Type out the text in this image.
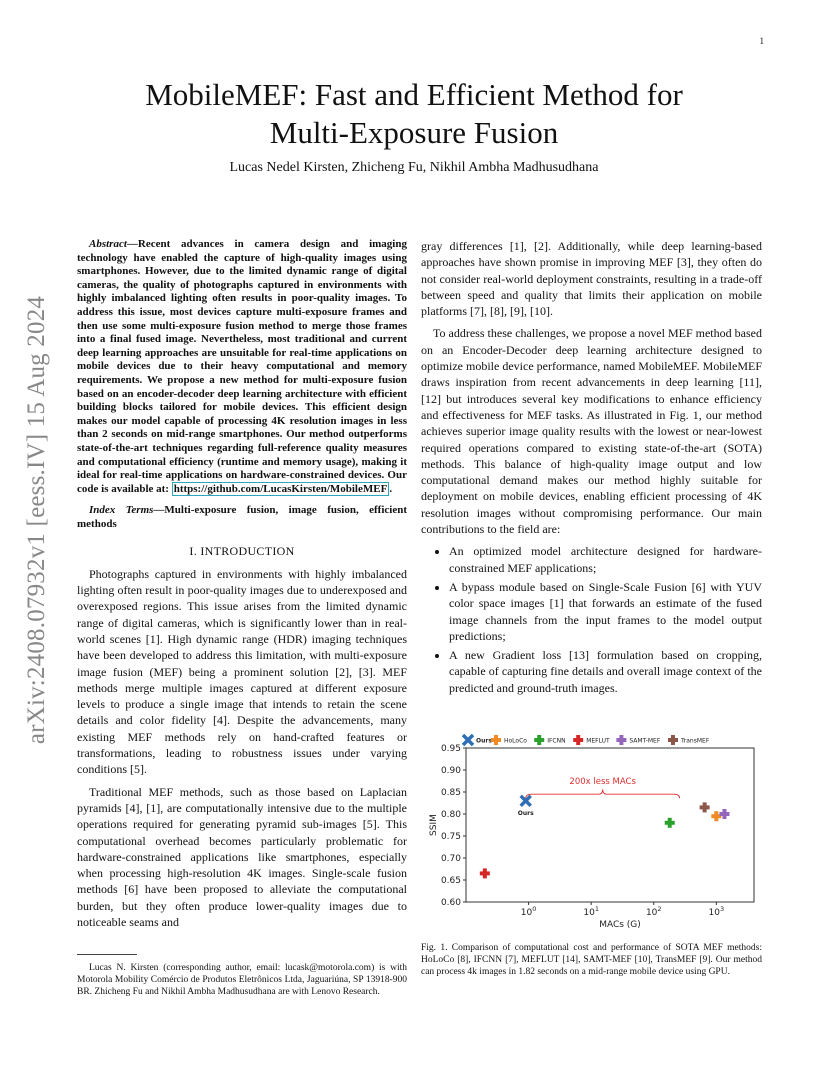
1
arXiv:2408.07932v1 [eess.IV] 15 Aug 2024
MobileMEF: Fast and Efficient Method for
Multi-Exposure Fusion
Lucas Nedel Kirsten, Zhicheng Fu, Nikhil Ambha Madhusudhana
Abstract—Recent advances in camera design and imaging technology have enabled the capture of high-quality images using smartphones. However, due to the limited dynamic range of digital cameras, the quality of photographs captured in environments with highly imbalanced lighting often results in poor-quality images. To address this issue, most devices capture multi-exposure frames and then use some multi-exposure fusion method to merge those frames into a final fused image. Nevertheless, most traditional and current deep learning approaches are unsuitable for real-time applications on mobile devices due to their heavy computational and memory requirements. We propose a new method for multi-exposure fusion based on an encoder-decoder deep learning architecture with efficient building blocks tailored for mobile devices. This efficient design makes our model capable of processing 4K resolution images in less than 2 seconds on mid-range smartphones. Our method outperforms state-of-the-art techniques regarding full-reference quality measures and computational efficiency (runtime and memory usage), making it ideal for real-time applications on hardware-constrained devices. Our code is available at: https://github.com/LucasKirsten/MobileMEF .
Index Terms—Multi-exposure fusion, image fusion, efficient methods
I. INTRODUCTION

Photographs captured in environments with highly imbalanced lighting often result in poor-quality images due to underexposed and overexposed regions. This issue arises from the limited dynamic range of digital cameras, which is significantly lower than in real-world scenes [1]. High dynamic range (HDR) imaging techniques have been developed to address this limitation, with multi-exposure image fusion (MEF) being a prominent solution [2], [3]. MEF methods merge multiple images captured at different exposure levels to produce a single image that intends to retain the scene details and color fidelity [4]. Despite the advancements, many existing MEF methods rely on hand-crafted features or transformations, leading to robustness issues under varying conditions [5].

Traditional MEF methods, such as those based on Laplacian pyramids [4], [1], are computationally intensive due to the multiple operations required for generating pyramid sub-images [5]. This computational overhead becomes particularly problematic for hardware-constrained applications like smartphones, especially when processing high-resolution 4K images. Single-scale fusion methods [6] have been proposed to alleviate the computational burden, but they often produce lower-quality images due to noticeable seams and

Lucas N. Kirsten (corresponding author, email: lucask@motorola.com) is with Motorola Mobility Comércio de Produtos Eletrônicos Ltda, Jaguariúna, SP 13918-900 BR. Zhicheng Fu and Nikhil Ambha Madhusudhana are with Lenovo Research.

gray differences [1], [2]. Additionally, while deep learning-based approaches have shown promise in improving MEF [3], they often do not consider real-world deployment constraints, resulting in a trade-off between speed and quality that limits their application on mobile platforms [7], [8], [9], [10].

To address these challenges, we propose a novel MEF method based on an Encoder-Decoder deep learning architecture designed to optimize mobile device performance, named MobileMEF. MobileMEF draws inspiration from recent advancements in deep learning [11], [12] but introduces several key modifications to enhance efficiency and effectiveness for MEF tasks. As illustrated in Fig. 1, our method achieves superior image quality results with the lowest or near-lowest required operations compared to existing state-of-the-art (SOTA) methods. This balance of high-quality image output and low computational demand makes our method highly suitable for deployment on mobile devices, enabling efficient processing of 4K resolution images without compromising performance. Our main contributions to the field are:

• An optimized model architecture designed for hardware-constrained MEF applications;
• A bypass module based on Single-Scale Fusion [6] with YUV color space images [1] that forwards an estimate of the fused image channels from the input frames to the model output predictions;
• A new Gradient loss [13] formulation based on cropping, capable of capturing fine details and overall image context of the predicted and ground-truth images.
0.60
0.65
0.70
0.75
0.80
0.85
0.90
0.95
$10^0$	$10^1$	$10^2$	$10^3$
MACs (G)
SSIM
Ours HoLoCo	IFCNN	MEFLUT	SAMT-MEF	TransMEF
200x less MACs
Ours
Fig. 1. Comparison of computational cost and performance of SOTA MEF methods: HoLoCo [8], IFCNN [7], MEFLUT [14], SAMT-MEF [10], TransMEF [9]. Our method can process 4k images in 1.82 seconds on a mid-range mobile device using GPU.
